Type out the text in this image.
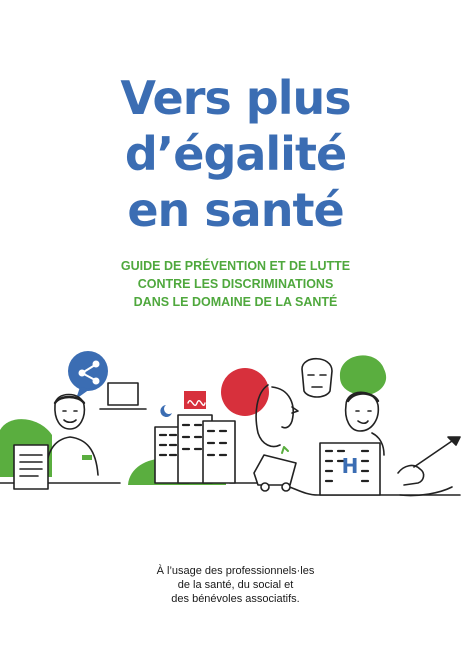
Vers plus
d’égalité
en santé
GUIDE DE PRÉVENTION ET DE LUTTE
CONTRE LES DISCRIMINATIONS
DANS LE DOMAINE DE LA SANTÉ
H
À l’usage des professionnels·les
de la santé, du social et
des bénévoles associatifs.
